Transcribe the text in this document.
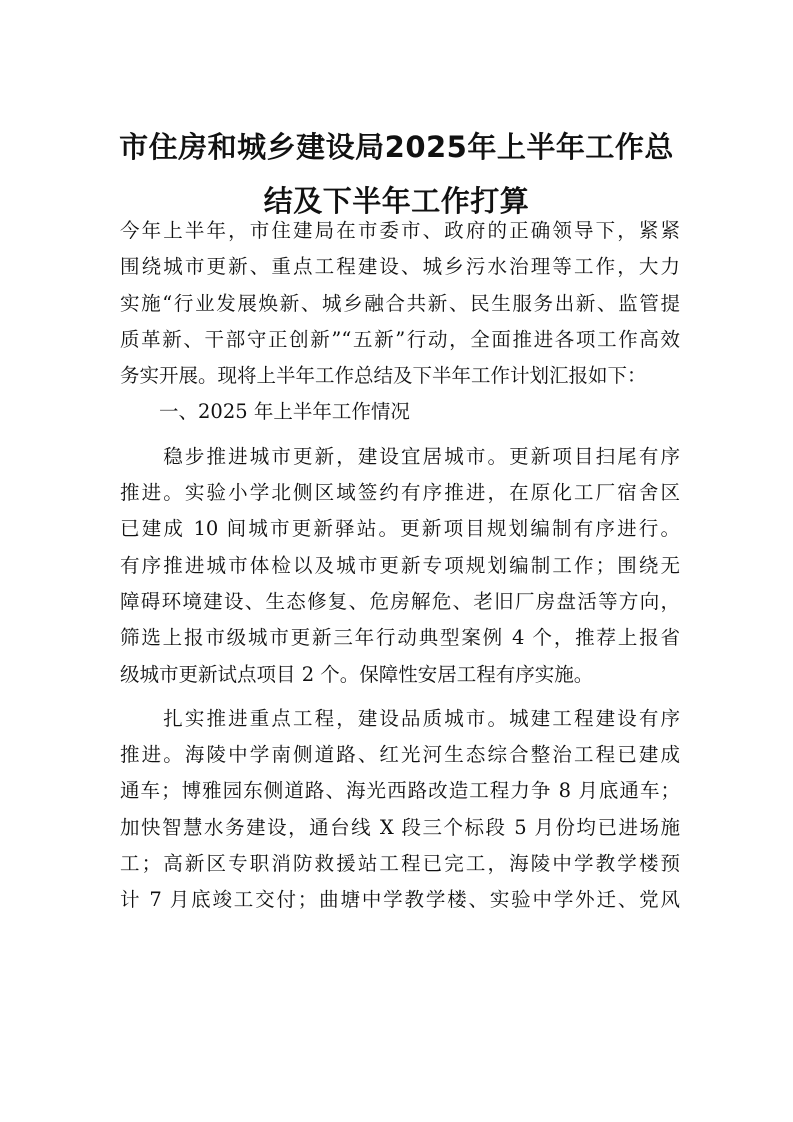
市住房和城乡建设局2025年上半年工作总
结及下半年工作打算
今年上半年，市住建局在市委市、政府的正确领导下，紧紧
围绕城市更新、重点工程建设、城乡污水治理等工作，大力
实施“行业发展焕新、城乡融合共新、民生服务出新、监管提
质革新、干部守正创新”“五新”行动，全面推进各项工作高效
务实开展。现将上半年工作总结及下半年工作计划汇报如下：
　　一、2025 年上半年工作情况
　　稳步推进城市更新，建设宜居城市。更新项目扫尾有序
推进。实验小学北侧区域签约有序推进，在原化工厂宿舍区
已建成 10 间城市更新驿站。更新项目规划编制有序进行。
有序推进城市体检以及城市更新专项规划编制工作；围绕无
障碍环境建设、生态修复、危房解危、老旧厂房盘活等方向，
筛选上报市级城市更新三年行动典型案例 4 个，推荐上报省
级城市更新试点项目 2 个。保障性安居工程有序实施。
　　扎实推进重点工程，建设品质城市。城建工程建设有序
推进。海陵中学南侧道路、红光河生态综合整治工程已建成
通车；博雅园东侧道路、海光西路改造工程力争 8 月底通车；
加快智慧水务建设，通台线 X 段三个标段 5 月份均已进场施
工；高新区专职消防救援站工程已完工，海陵中学教学楼预
计 7 月底竣工交付；曲塘中学教学楼、实验中学外迁、党风
